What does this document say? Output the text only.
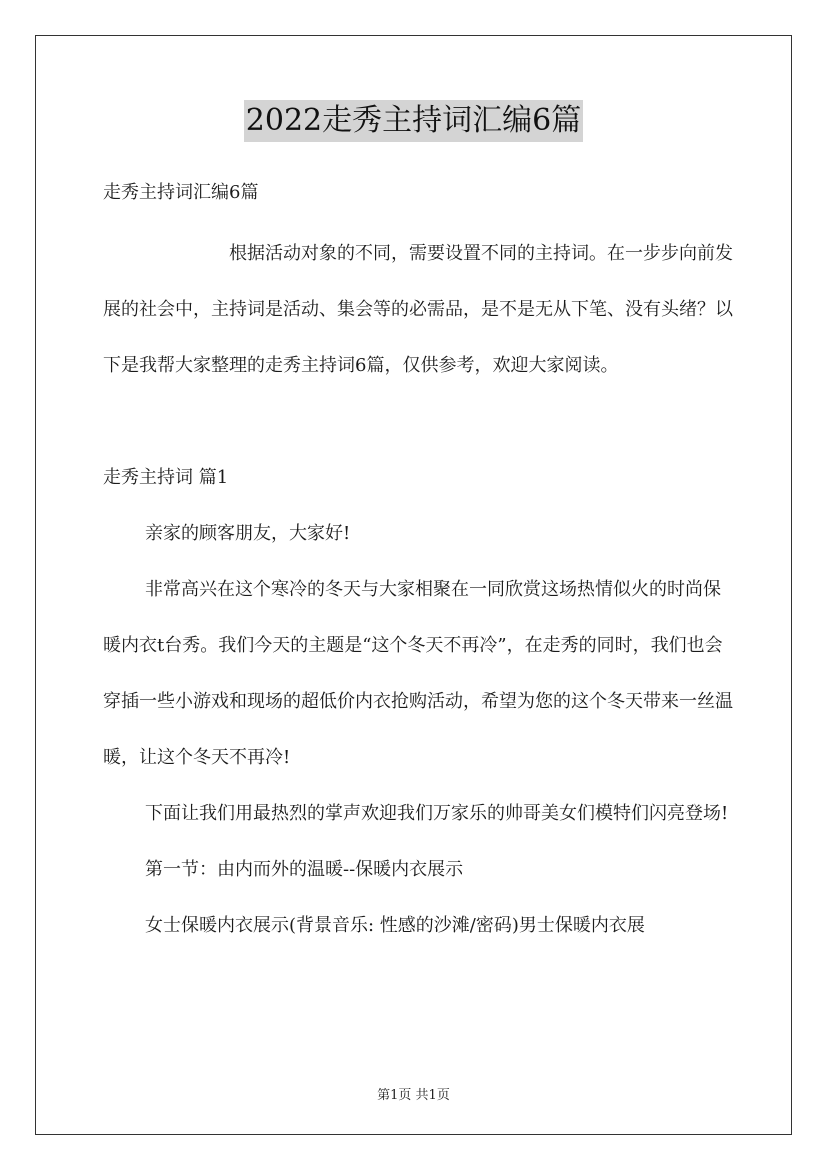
2022走秀主持词汇编6篇

走秀主持词汇编6篇

根据活动对象的不同，需要设置不同的主持词。在一步步向前发展的社会中，主持词是活动、集会等的必需品，是不是无从下笔、没有头绪？以下是我帮大家整理的走秀主持词6篇，仅供参考，欢迎大家阅读。

走秀主持词 篇1

亲家的顾客朋友，大家好!

非常高兴在这个寒冷的冬天与大家相聚在一同欣赏这场热情似火的时尚保暖内衣t台秀。我们今天的主题是“这个冬天不再冷”，在走秀的同时，我们也会穿插一些小游戏和现场的超低价内衣抢购活动，希望为您的这个冬天带来一丝温暖，让这个冬天不再冷!

下面让我们用最热烈的掌声欢迎我们万家乐的帅哥美女们模特们闪亮登场!

第一节：由内而外的温暖--保暖内衣展示

女士保暖内衣展示(背景音乐: 性感的沙滩/密码)男士保暖内衣展

第1页 共1页
